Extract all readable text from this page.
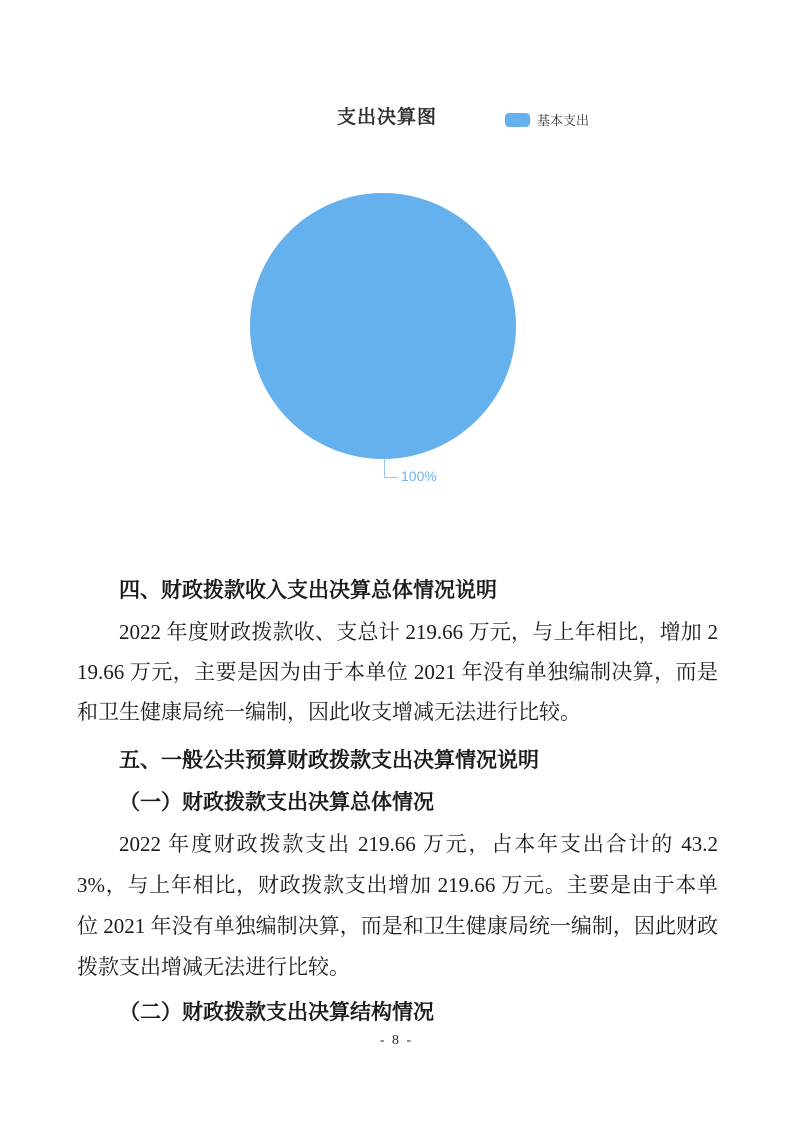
支出决算图	基本支出
100%
四、财政拨款收入支出决算总体情况说明
2022 年度财政拨款收、支总计 219.66 万元，与上年相比，增加 219.66 万元，主要是因为由于本单位 2021 年没有单独编制决算，而是和卫生健康局统一编制，因此收支增减无法进行比较。
五、一般公共预算财政拨款支出决算情况说明
（一）财政拨款支出决算总体情况
2022 年度财政拨款支出 219.66 万元，占本年支出合计的 43.23%，与上年相比，财政拨款支出增加 219.66 万元。主要是由于本单位 2021 年没有单独编制决算，而是和卫生健康局统一编制，因此财政拨款支出增减无法进行比较。
（二）财政拨款支出决算结构情况
- 8 -
